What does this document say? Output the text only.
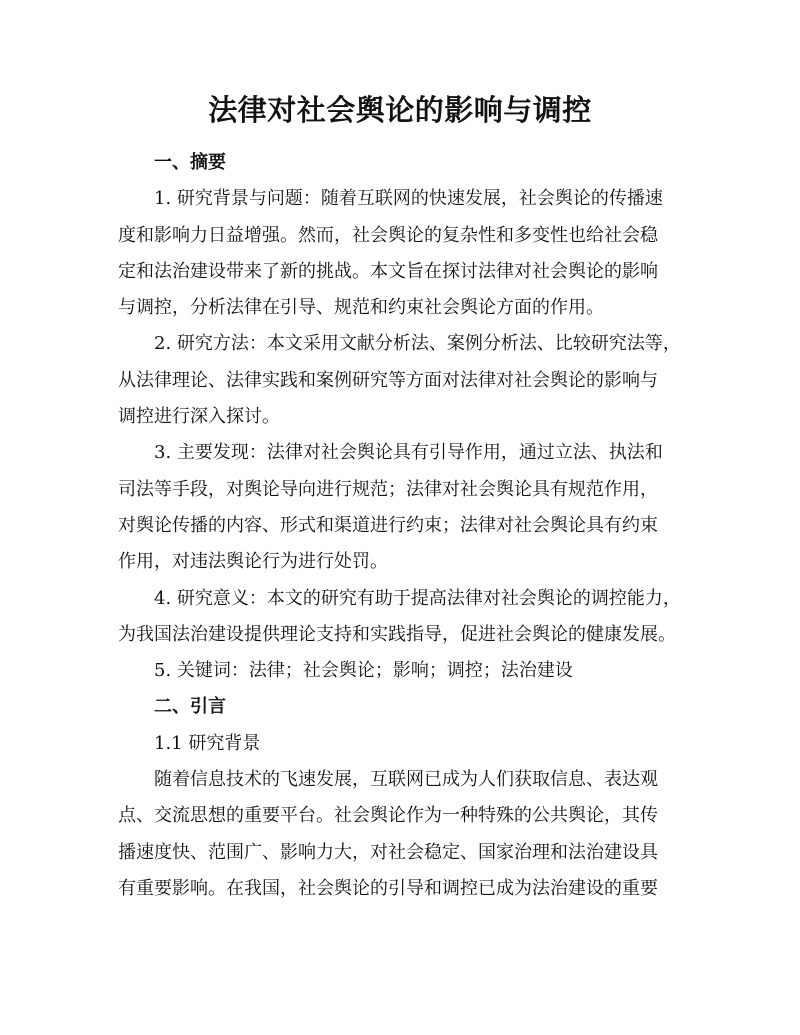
法律对社会舆论的影响与调控
一、摘要
1. 研究背景与问题：随着互联网的快速发展，社会舆论的传播速
度和影响力日益增强。然而，社会舆论的复杂性和多变性也给社会稳
定和法治建设带来了新的挑战。本文旨在探讨法律对社会舆论的影响
与调控，分析法律在引导、规范和约束社会舆论方面的作用。
2. 研究方法：本文采用文献分析法、案例分析法、比较研究法等，
从法律理论、法律实践和案例研究等方面对法律对社会舆论的影响与
调控进行深入探讨。
3. 主要发现：法律对社会舆论具有引导作用，通过立法、执法和
司法等手段，对舆论导向进行规范；法律对社会舆论具有规范作用，
对舆论传播的内容、形式和渠道进行约束；法律对社会舆论具有约束
作用，对违法舆论行为进行处罚。
4. 研究意义：本文的研究有助于提高法律对社会舆论的调控能力，
为我国法治建设提供理论支持和实践指导，促进社会舆论的健康发展。
5. 关键词：法律；社会舆论；影响；调控；法治建设
二、引言
1.1 研究背景
随着信息技术的飞速发展，互联网已成为人们获取信息、表达观
点、交流思想的重要平台。社会舆论作为一种特殊的公共舆论，其传
播速度快、范围广、影响力大，对社会稳定、国家治理和法治建设具
有重要影响。在我国，社会舆论的引导和调控已成为法治建设的重要
